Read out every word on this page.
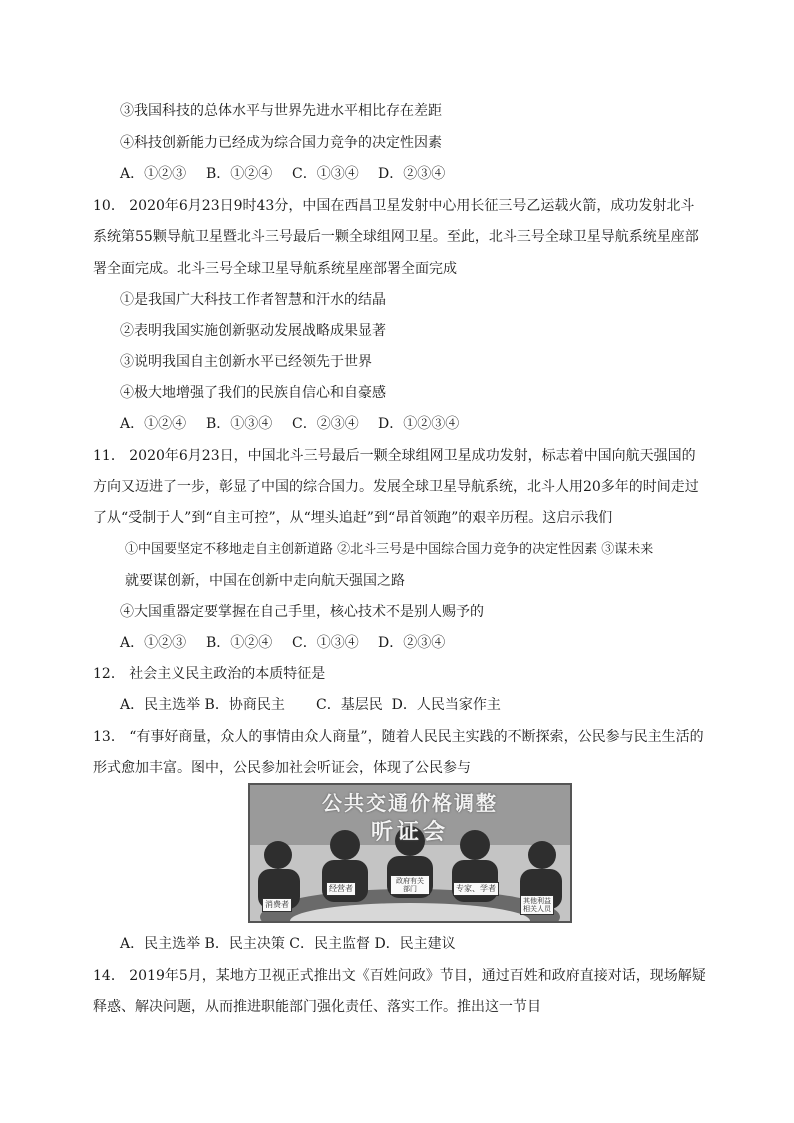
③我国科技的总体水平与世界先进水平相比存在差距
④科技创新能力已经成为综合国力竞争的决定性因素
A．①②③ B．①②④ C．①③④ D．②③④
10． 2020年6月23日9时43分，中国在西昌卫星发射中心用长征三号乙运载火箭，成功发射北斗
系统第55颗导航卫星暨北斗三号最后一颗全球组网卫星。至此，北斗三号全球卫星导航系统星座部
署全面完成。北斗三号全球卫星导航系统星座部署全面完成
①是我国广大科技工作者智慧和汗水的结晶
②表明我国实施创新驱动发展战略成果显著
③说明我国自主创新水平已经领先于世界
④极大地增强了我们的民族自信心和自豪感
A．①②④ B．①③④ C．②③④ D．①②③④
11． 2020年6月23日，中国北斗三号最后一颗全球组网卫星成功发射，标志着中国向航天强国的
方向又迈进了一步，彰显了中国的综合国力。发展全球卫星导航系统，北斗人用20多年的时间走过
了从“受制于人”到“自主可控”，从“埋头追赶”到“昂首领跑”的艰辛历程。这启示我们
①中国要坚定不移地走自主创新道路 ②北斗三号是中国综合国力竞争的决定性因素 ③谋未来
就要谋创新，中国在创新中走向航天强国之路
④大国重器定要掌握在自己手里，核心技术不是别人赐予的
A．①②③ B．①②④ C．①③④ D．②③④
12． 社会主义民主政治的本质特征是
A．民主选举 B．协商民主       C．基层民  D．人民当家作主
13． “有事好商量，众人的事情由众人商量”，随着人民民主实践的不断探索，公民参与民主生活的
形式愈加丰富。图中，公民参加社会听证会，体现了公民参与
公共交通价格调整
听证会
消费者
经营者
政府有关部门	专家、学者
其他利益相关人员
A．民主选举 B．民主决策 C．民主监督 D．民主建议
14． 2019年5月，某地方卫视正式推出文《百姓问政》节目，通过百姓和政府直接对话，现场解疑
释惑、解决问题，从而推进职能部门强化责任、落实工作。推出这一节目
